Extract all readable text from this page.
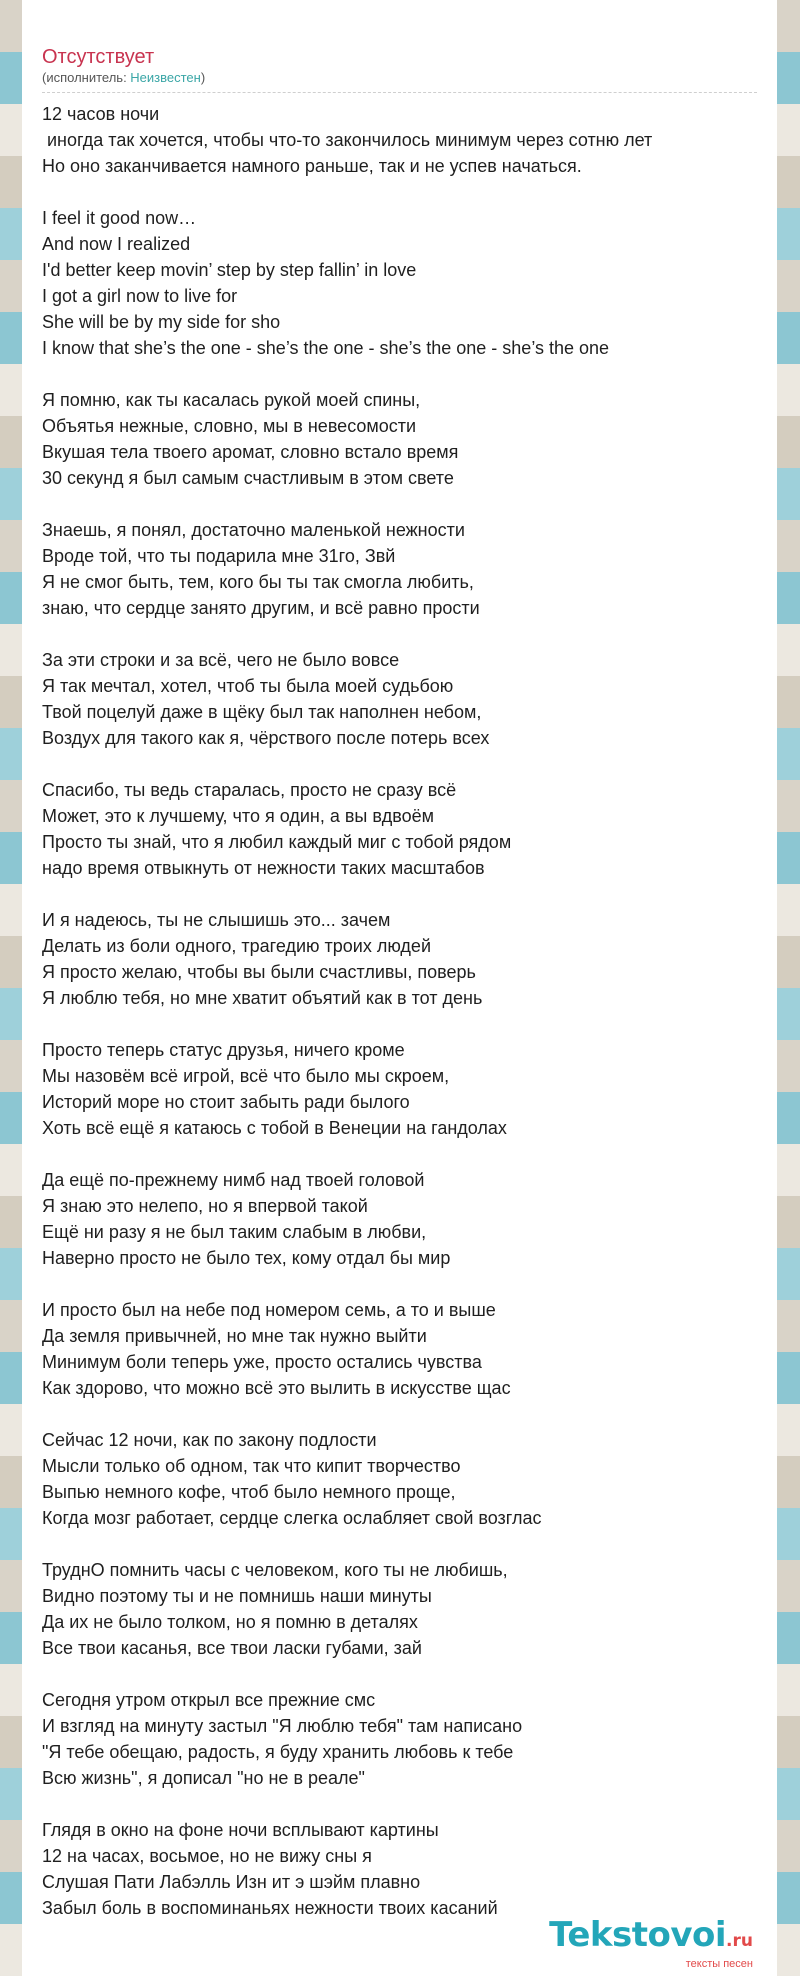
Отсутствует
(исполнитель: Неизвестен)
12 часов ночи
иногда так хочется, чтобы что-то закончилось минимум через сотню лет
Но оно заканчивается намного раньше, так и не успев начаться.
I feel it good now…
And now I realized
I'd better keep movin’ step by step fallin’ in love
I got a girl now to live for
She will be by my side for sho
I know that she’s the one - she’s the one - she’s the one - she’s the one
Я помню, как ты касалась рукой моей спины,
Объятья нежные, словно, мы в невесомости
Вкушая тела твоего аромат, словно встало время
30 секунд я был самым счастливым в этом свете
Знаешь, я понял, достаточно маленькой нежности
Вроде той, что ты подарила мне 31го, Звй
Я не смог быть, тем, кого бы ты так смогла любить,
знаю, что сердце занято другим, и всё равно прости
За эти строки и за всё, чего не было вовсе
Я так мечтал, хотел, чтоб ты была моей судьбою
Твой поцелуй даже в щёку был так наполнен небом,
Воздух для такого как я, чёрствого после потерь всех
Спасибо, ты ведь старалась, просто не сразу всё
Может, это к лучшему, что я один, а вы вдвоём
Просто ты знай, что я любил каждый миг с тобой рядом
надо время отвыкнуть от нежности таких масштабов
И я надеюсь, ты не слышишь это... зачем
Делать из боли одного, трагедию троих людей
Я просто желаю, чтобы вы были счастливы, поверь
Я люблю тебя, но мне хватит объятий как в тот день
Просто теперь статус друзья, ничего кроме
Мы назовём всё игрой, всё что было мы скроем,
Историй море но стоит забыть ради былого
Хоть всё ещё я катаюсь с тобой в Венеции на гандолах
Да ещё по-прежнему нимб над твоей головой
Я знаю это нелепо, но я впервой такой
Ещё ни разу я не был таким слабым в любви,
Наверно просто не было тех, кому отдал бы мир
И просто был на небе под номером семь, а то и выше
Да земля привычней, но мне так нужно выйти
Минимум боли теперь уже, просто остались чувства
Как здорово, что можно всё это вылить в искусстве щас
Сейчас 12 ночи, как по закону подлости
Мысли только об одном, так что кипит творчество
Выпью немного кофе, чтоб было немного проще,
Когда мозг работает, сердце слегка ослабляет свой возглас
ТруднО помнить часы с человеком, кого ты не любишь,
Видно поэтому ты и не помнишь наши минуты
Да их не было толком, но я помню в деталях
Все твои касанья, все твои ласки губами, зай
Сегодня утром открыл все прежние смс
И взгляд на минуту застыл "Я люблю тебя" там написано
"Я тебе обещаю, радость, я буду хранить любовь к тебе
Всю жизнь", я дописал "но не в реале"
Глядя в окно на фоне ночи всплывают картины
12 на часах, восьмое, но не вижу сны я
Слушая Пати Лабэлль Изн ит э шэйм плавно
Забыл боль в воспоминаньях нежности твоих касаний
Tekstovoi.ru
тексты песен
